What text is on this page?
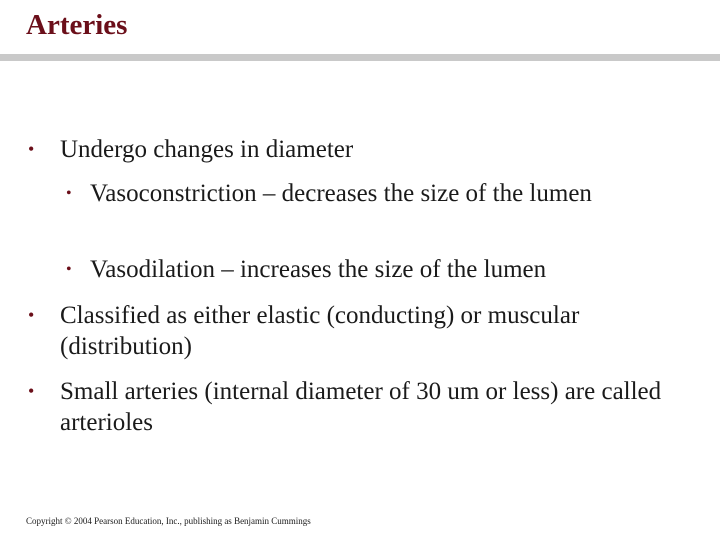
Arteries
•	Undergo changes in diameter
• Vasoconstriction – decreases the size of the lumen
• Vasodilation – increases the size of the lumen
•	Classified as either elastic (conducting) or muscular (distribution)
•	Small arteries (internal diameter of 30 um or less) are called arterioles
Copyright © 2004 Pearson Education, Inc., publishing as Benjamin Cummings
